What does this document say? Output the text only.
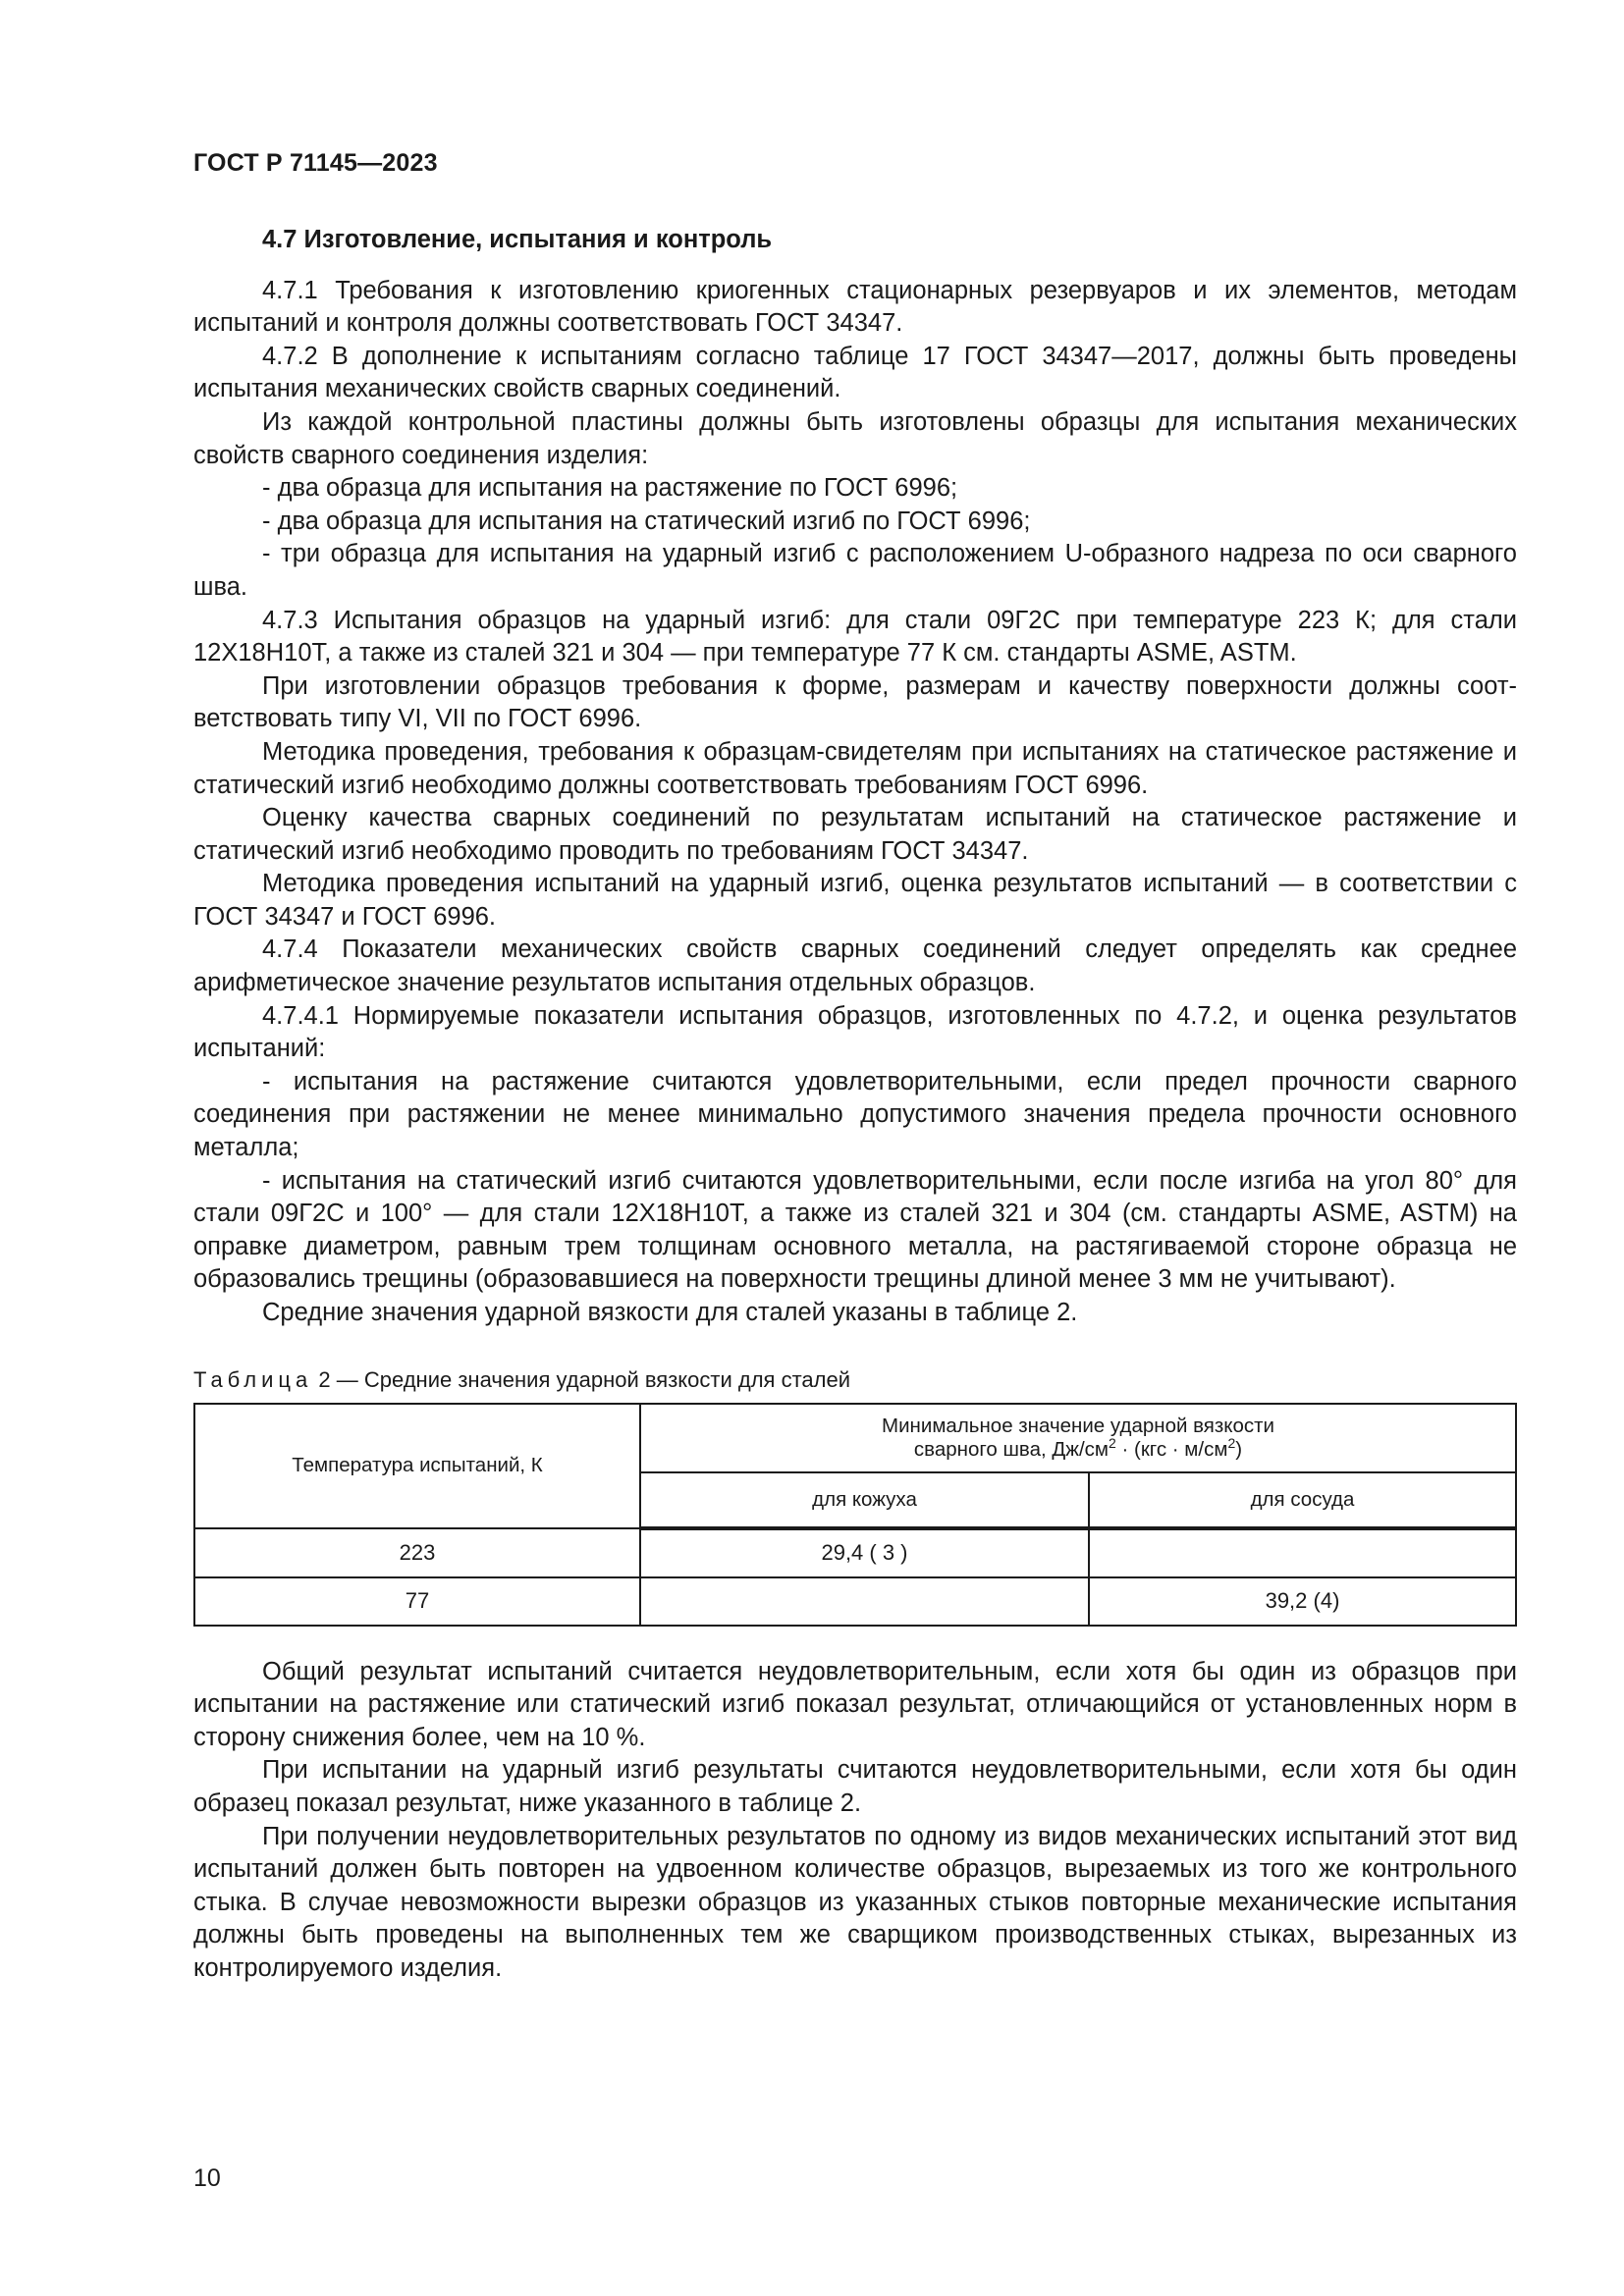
ГОСТ Р 71145—2023
4.7 Изготовление, испытания и контроль

4.7.1 Требования к изготовлению криогенных стационарных резервуаров и их элементов, методам испытаний и контроля должны соответствовать ГОСТ 34347.

4.7.2 В дополнение к испытаниям согласно таблице 17 ГОСТ 34347—2017, должны быть проведены испытания механических свойств сварных соединений.

Из каждой контрольной пластины должны быть изготовлены образцы для испытания механических свойств сварного соединения изделия:

- два образца для испытания на растяжение по ГОСТ 6996;

- два образца для испытания на статический изгиб по ГОСТ 6996;

- три образца для испытания на ударный изгиб с расположением U-образного надреза по оси сварного шва.

4.7.3 Испытания образцов на ударный изгиб: для стали 09Г2С при температуре 223 К; для стали 12Х18Н10Т, а также из сталей 321 и 304 — при температуре 77 К см. стандарты ASME, ASTM.

При изготовлении образцов требования к форме, размерам и качеству поверхности должны соответствовать типу VI, VII по ГОСТ 6996.

Методика проведения, требования к образцам-свидетелям при испытаниях на статическое растяжение и статический изгиб необходимо должны соответствовать требованиям ГОСТ 6996.

Оценку качества сварных соединений по результатам испытаний на статическое растяжение и статический изгиб необходимо проводить по требованиям ГОСТ 34347.

Методика проведения испытаний на ударный изгиб, оценка результатов испытаний — в соответствии с ГОСТ 34347 и ГОСТ 6996.

4.7.4 Показатели механических свойств сварных соединений следует определять как среднее арифметическое значение результатов испытания отдельных образцов.

4.7.4.1 Нормируемые показатели испытания образцов, изготовленных по 4.7.2, и оценка результатов испытаний:

- испытания на растяжение считаются удовлетворительными, если предел прочности сварного соединения при растяжении не менее минимально допустимого значения предела прочности основного металла;

- испытания на статический изгиб считаются удовлетворительными, если после изгиба на угол 80° для стали 09Г2С и 100° — для стали 12Х18Н10Т, а также из сталей 321 и 304 (см. стандарты ASME, ASTM) на оправке диаметром, равным трем толщинам основного металла, на растягиваемой стороне образца не образовались трещины (образовавшиеся на поверхности трещины длиной менее 3 мм не учитывают).

Средние значения ударной вязкости для сталей указаны в таблице 2.

Таблица 2 — Средние значения ударной вязкости для сталей
Температура испытаний, К	Минимальное значение ударной вязкости
сварного шва, $Дж/см^2 \cdot (кгс \cdot м/см^2)$	
	для кожуха	для сосуда
223	29,4 ( 3 )	
77		39,2 (4)

Общий результат испытаний считается неудовлетворительным, если хотя бы один из образцов при испытании на растяжение или статический изгиб показал результат, отличающийся от установленных норм в сторону снижения более, чем на 10 %.

При испытании на ударный изгиб результаты считаются неудовлетворительными, если хотя бы один образец показал результат, ниже указанного в таблице 2.

При получении неудовлетворительных результатов по одному из видов механических испытаний этот вид испытаний должен быть повторен на удвоенном количестве образцов, вырезаемых из того же контрольного стыка. В случае невозможности вырезки образцов из указанных стыков повторные механические испытания должны быть проведены на выполненных тем же сварщиком производственных стыках, вырезанных из контролируемого изделия.

10
